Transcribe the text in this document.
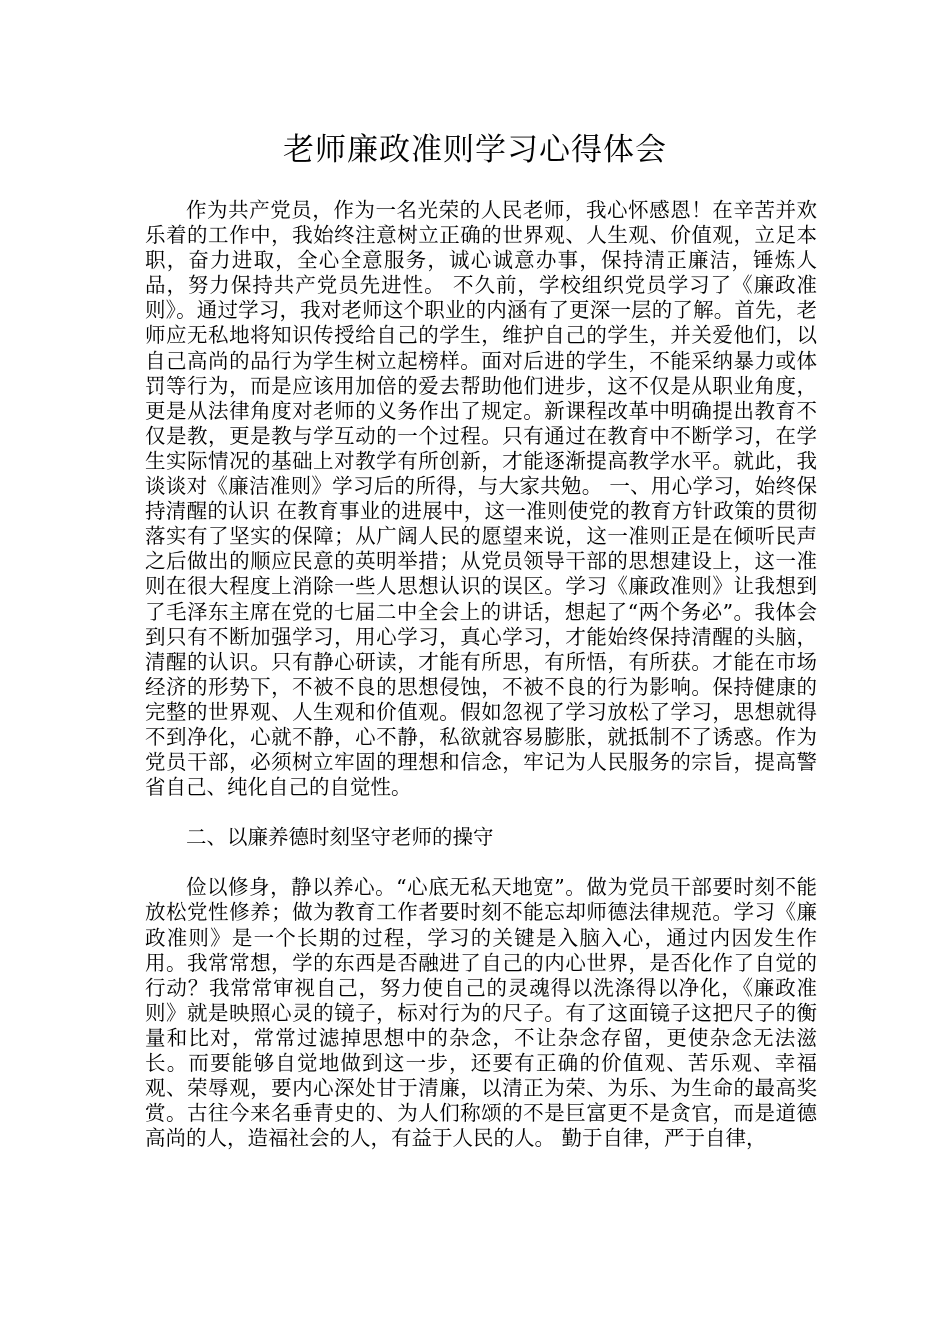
老师廉政准则学习心得体会

作为共产党员，作为一名光荣的人民老师，我心怀感恩！在辛苦并欢乐着的工作中，我始终注意树立正确的世界观、人生观、价值观，立足本职，奋力进取，全心全意服务，诚心诚意办事，保持清正廉洁，锤炼人品，努力保持共产党员先进性。 不久前，学校组织党员学习了《廉政准则》。通过学习，我对老师这个职业的内涵有了更深一层的了解。首先，老师应无私地将知识传授给自己的学生，维护自己的学生，并关爱他们，以自己高尚的品行为学生树立起榜样。面对后进的学生，不能采纳暴力或体罚等行为，而是应该用加倍的爱去帮助他们进步，这不仅是从职业角度，更是从法律角度对老师的义务作出了规定。新课程改革中明确提出教育不仅是教，更是教与学互动的一个过程。只有通过在教育中不断学习，在学生实际情况的基础上对教学有所创新，才能逐渐提高教学水平。就此，我谈谈对《廉洁准则》学习后的所得，与大家共勉。 一、用心学习，始终保持清醒的认识 在教育事业的进展中，这一准则使党的教育方针政策的贯彻落实有了坚实的保障；从广阔人民的愿望来说，这一准则正是在倾听民声之后做出的顺应民意的英明举措；从党员领导干部的思想建设上，这一准则在很大程度上消除一些人思想认识的误区。学习《廉政准则》让我想到了毛泽东主席在党的七届二中全会上的讲话，想起了“两个务必”。我体会到只有不断加强学习，用心学习，真心学习，才能始终保持清醒的头脑，清醒的认识。只有静心研读，才能有所思，有所悟，有所获。才能在市场经济的形势下，不被不良的思想侵蚀，不被不良的行为影响。保持健康的完整的世界观、人生观和价值观。假如忽视了学习放松了学习，思想就得不到净化，心就不静，心不静，私欲就容易膨胀，就抵制不了诱惑。作为党员干部，必须树立牢固的理想和信念，牢记为人民服务的宗旨，提高警省自己、纯化自己的自觉性。

二、以廉养德时刻坚守老师的操守

俭以修身，静以养心。“心底无私天地宽”。做为党员干部要时刻不能放松党性修养；做为教育工作者要时刻不能忘却师德法律规范。学习《廉政准则》是一个长期的过程，学习的关键是入脑入心，通过内因发生作用。我常常想，学的东西是否融进了自己的内心世界，是否化作了自觉的行动？我常常审视自己，努力使自己的灵魂得以洗涤得以净化，《廉政准则》就是映照心灵的镜子，标对行为的尺子。有了这面镜子这把尺子的衡量和比对，常常过滤掉思想中的杂念，不让杂念存留，更使杂念无法滋长。而要能够自觉地做到这一步，还要有正确的价值观、苦乐观、幸福观、荣辱观，要内心深处甘于清廉，以清正为荣、为乐、为生命的最高奖赏。古往今来名垂青史的、为人们称颂的不是巨富更不是贪官，而是道德高尚的人，造福社会的人，有益于人民的人。 勤于自律，严于自律，
